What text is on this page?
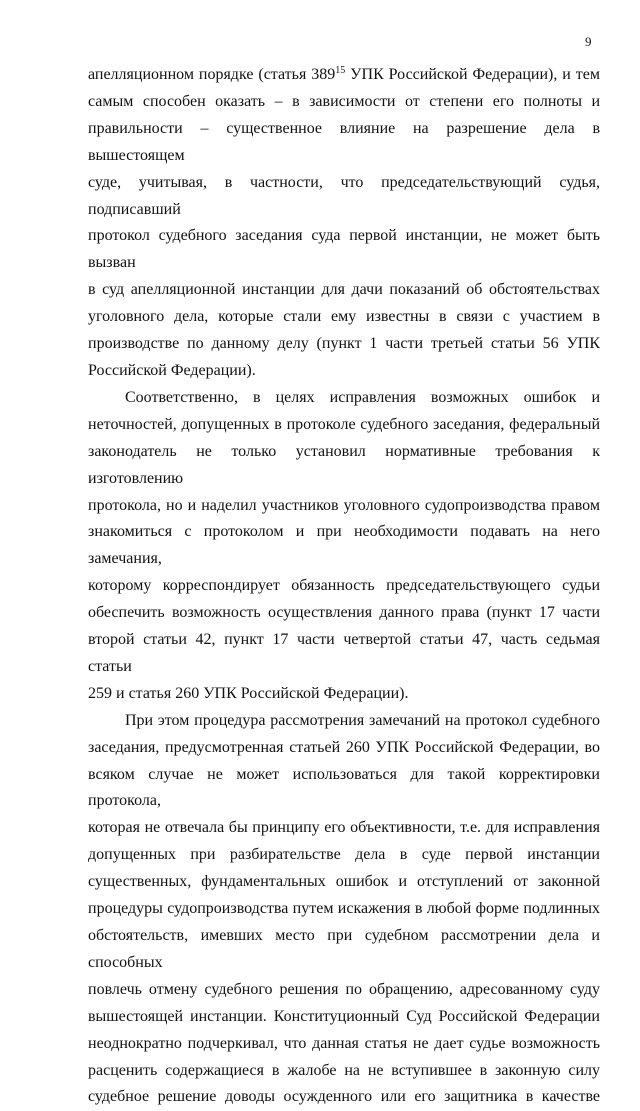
9
апелляционном порядке (статья $389^{15}$ УПК Российской Федерации), и тем
самым способен оказать – в зависимости от степени его полноты и
правильности – существенное влияние на разрешение дела в вышестоящем
суде, учитывая, в частности, что председательствующий судья, подписавший
протокол судебного заседания суда первой инстанции, не может быть вызван
в суд апелляционной инстанции для дачи показаний об обстоятельствах
уголовного дела, которые стали ему известны в связи с участием в
производстве по данному делу (пункт 1 части третьей статьи 56 УПК
Российской Федерации).
Соответственно, в целях исправления возможных ошибок и
неточностей, допущенных в протоколе судебного заседания, федеральный
законодатель не только установил нормативные требования к изготовлению
протокола, но и наделил участников уголовного судопроизводства правом
знакомиться с протоколом и при необходимости подавать на него замечания,
которому корреспондирует обязанность председательствующего судьи
обеспечить возможность осуществления данного права (пункт 17 части
второй статьи 42, пункт 17 части четвертой статьи 47, часть седьмая статьи
259 и статья 260 УПК Российской Федерации).
При этом процедура рассмотрения замечаний на протокол судебного
заседания, предусмотренная статьей 260 УПК Российской Федерации, во
всяком случае не может использоваться для такой корректировки протокола,
которая не отвечала бы принципу его объективности, т.е. для исправления
допущенных при разбирательстве дела в суде первой инстанции
существенных, фундаментальных ошибок и отступлений от законной
процедуры судопроизводства путем искажения в любой форме подлинных
обстоятельств, имевших место при судебном рассмотрении дела и способных
повлечь отмену судебного решения по обращению, адресованному суду
вышестоящей инстанции. Конституционный Суд Российской Федерации
неоднократно подчеркивал, что данная статья не дает судье возможность
расценить содержащиеся в жалобе на не вступившее в законную силу
судебное решение доводы осужденного или его защитника в качестве
